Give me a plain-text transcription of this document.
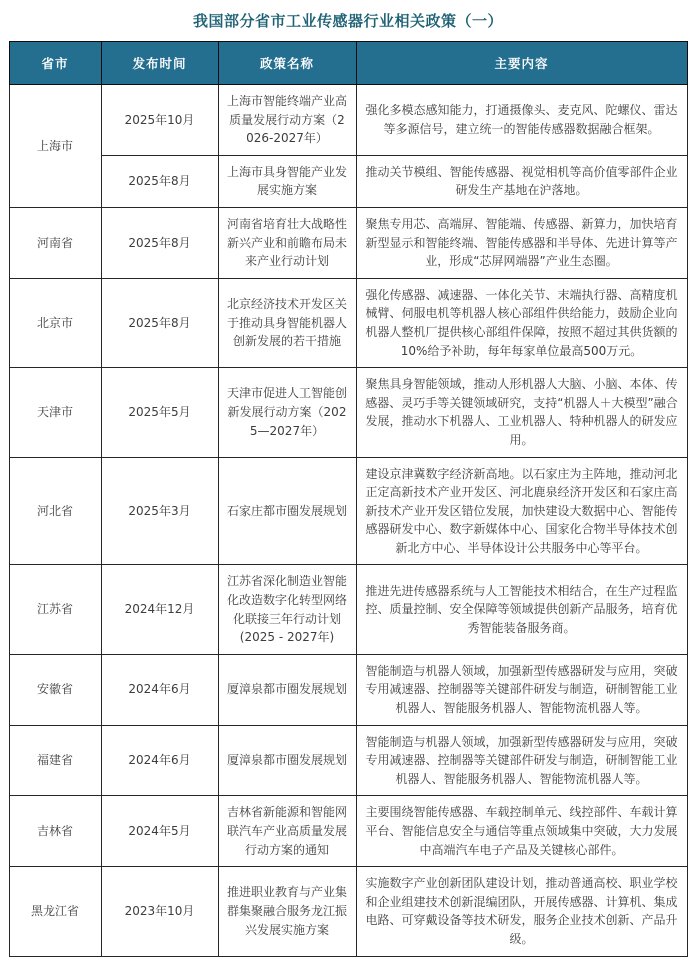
我国部分省市工业传感器行业相关政策（一）
省市	发布时间	政策名称	主要内容
上海市	2025年10月	上海市智能终端产业高质量发展行动方案（2026-2027年）	强化多模态感知能力，打通摄像头、麦克风、陀螺仪、雷达等多源信号，建立统一的智能传感器数据融合框架。
	2025年8月	上海市具身智能产业发展实施方案	推动关节模组、智能传感器、视觉相机等高价值零部件企业研发生产基地在沪落地。
河南省	2025年8月	河南省培育壮大战略性新兴产业和前瞻布局未来产业行动计划	聚焦专用芯、高端屏、智能端、传感器、新算力，加快培育新型显示和智能终端、智能传感器和半导体、先进计算等产业，形成“芯屏网端器”产业生态圈。
北京市	2025年8月	北京经济技术开发区关于推动具身智能机器人创新发展的若干措施	强化传感器、减速器、一体化关节、末端执行器、高精度机械臂、伺服电机等机器人核心部组件供给能力，鼓励企业向机器人整机厂提供核心部组件保障，按照不超过其供货额的10%给予补助，每年每家单位最高500万元。
天津市	2025年5月	天津市促进人工智能创新发展行动方案（2025—2027年）	聚焦具身智能领域，推动人形机器人大脑、小脑、本体、传感器、灵巧手等关键领域研究，支持“机器人＋大模型”融合发展，推动水下机器人、工业机器人、特种机器人的研发应用。
河北省	2025年3月	石家庄都市圈发展规划	建设京津冀数字经济新高地。以石家庄为主阵地，推动河北正定高新技术产业开发区、河北鹿泉经济开发区和石家庄高新技术产业开发区错位发展，加快建设大数据中心、智能传感器研发中心、数字新媒体中心、国家化合物半导体技术创新北方中心、半导体设计公共服务中心等平台。
江苏省	2024年12月	江苏省深化制造业智能化改造数字化转型网络化联接三年行动计划 (2025 - 2027年)	推进先进传感器系统与人工智能技术相结合，在生产过程监控、质量控制、安全保障等领域提供创新产品服务，培育优秀智能装备服务商。
安徽省	2024年6月	厦漳泉都市圈发展规划	智能制造与机器人领域，加强新型传感器研发与应用，突破专用减速器、控制器等关键部件研发与制造，研制智能工业机器人、智能服务机器人、智能物流机器人等。
福建省	2024年6月	厦漳泉都市圈发展规划	智能制造与机器人领域，加强新型传感器研发与应用，突破专用减速器、控制器等关键部件研发与制造，研制智能工业机器人、智能服务机器人、智能物流机器人等。
吉林省	2024年5月	吉林省新能源和智能网联汽车产业高质量发展行动方案的通知	主要围绕智能传感器、车载控制单元、线控部件、车载计算平台、智能信息安全与通信等重点领域集中突破，大力发展中高端汽车电子产品及关键核心部件。
黑龙江省	2023年10月	推进职业教育与产业集群集聚融合服务龙江振兴发展实施方案	实施数字产业创新团队建设计划，推动普通高校、职业学校和企业组建技术创新混编团队，开展传感器、计算机、集成电路、可穿戴设备等技术研发，服务企业技术创新、产品升级。
